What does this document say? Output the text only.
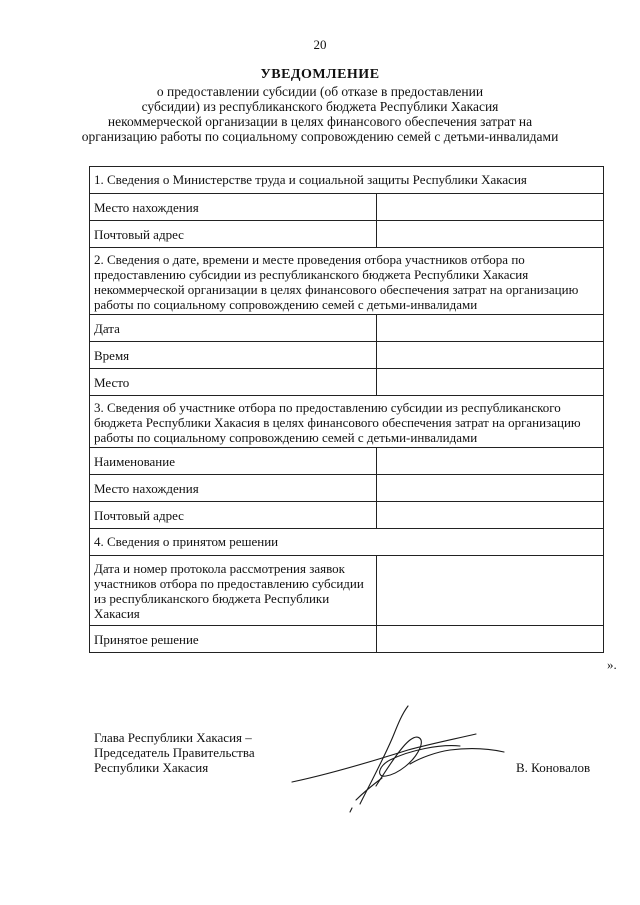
20
УВЕДОМЛЕНИЕ
о предоставлении субсидии (об отказе в предоставлении
субсидии) из республиканского бюджета Республики Хакасия
некоммерческой организации в целях финансового обеспечения затрат на
организацию работы по социальному сопровождению семей с детьми-инвалидами
1. Сведения о Министерстве труда и социальной защиты Республики Хакасия	
Место нахождения	
Почтовый адрес	
2. Сведения о дате, времени и месте проведения отбора участников отбора по предоставлению субсидии из республиканского бюджета Республики Хакасия некоммерческой организации в целях финансового обеспечения затрат на организацию работы по социальному сопровождению семей с детьми-инвалидами	
Дата	
Время	
Место	
3. Сведения об участнике отбора по предоставлению субсидии из республиканского бюджета Республики Хакасия в целях финансового обеспечения затрат на организацию работы по социальному сопровождению семей с детьми-инвалидами	
Наименование	
Место нахождения	
Почтовый адрес	
4. Сведения о принятом решении	
Дата и номер протокола рассмотрения заявок участников отбора по предоставлению субсидии из республиканского бюджета Республики Хакасия	
Принятое решение	
».
Глава Республики Хакасия –
Председатель Правительства
Республики Хакасия	В. Коновалов
